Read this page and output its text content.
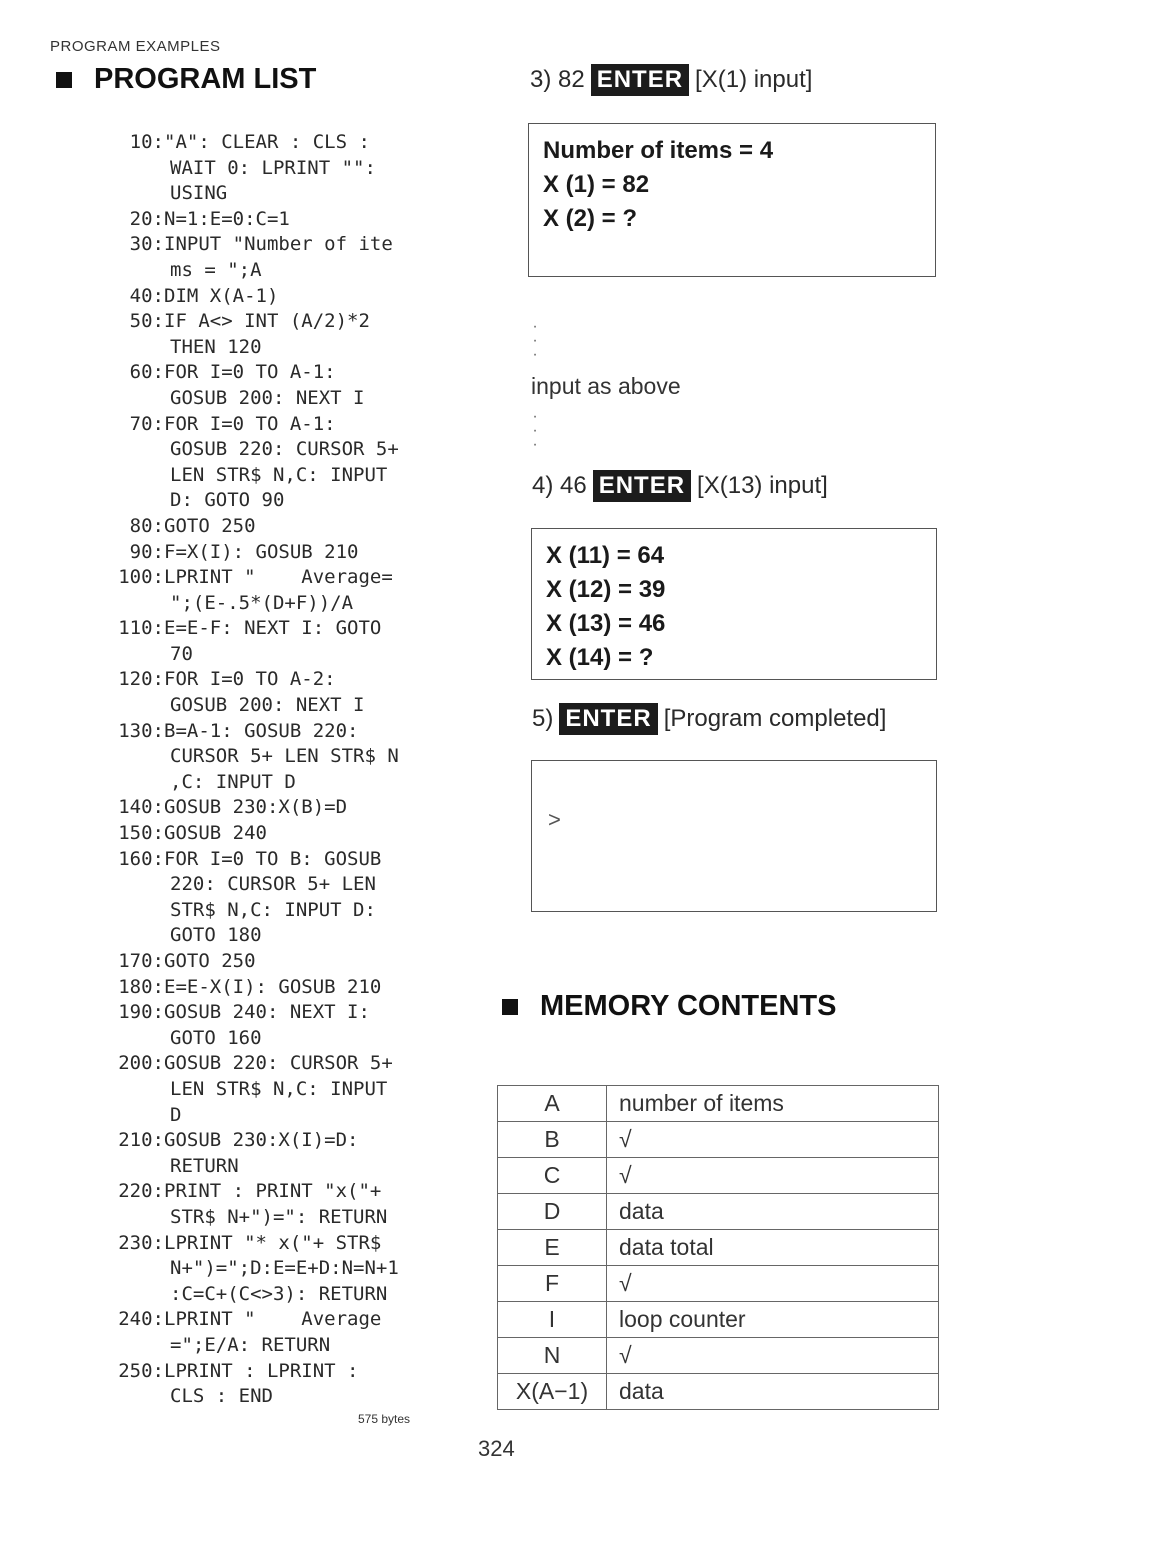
PROGRAM EXAMPLES
PROGRAM LIST
10: "A": CLEAR : CLS :
WAIT 0: LPRINT "":
USING
20: N=1:E=0:C=1
30: INPUT "Number of ite
ms = ";A
40: DIM X(A-1)
50: IF A<> INT (A/2)*2
THEN 120
60: FOR I=0 TO A-1:
GOSUB 200: NEXT I
70: FOR I=0 TO A-1:
GOSUB 220: CURSOR 5+
LEN STR$ N,C: INPUT
D: GOTO 90
80: GOTO 250
90: F=X(I): GOSUB 210
100: LPRINT "    Average=
";(E-.5*(D+F))/A
110: E=E-F: NEXT I: GOTO
70
120: FOR I=0 TO A-2:
GOSUB 200: NEXT I
130: B=A-1: GOSUB 220:
CURSOR 5+ LEN STR$ N
,C: INPUT D
140: GOSUB 230:X(B)=D
150: GOSUB 240
160: FOR I=0 TO B: GOSUB
220: CURSOR 5+ LEN
STR$ N,C: INPUT D:
GOTO 180
170: GOTO 250
180: E=E-X(I): GOSUB 210
190: GOSUB 240: NEXT I:
GOTO 160
200: GOSUB 220: CURSOR 5+
LEN STR$ N,C: INPUT
D
210: GOSUB 230:X(I)=D:
RETURN
220: PRINT : PRINT "x("+
STR$ N+")=": RETURN
230: LPRINT "* x("+ STR$
N+")=";D:E=E+D:N=N+1
:C=C+(C<>3): RETURN
240: LPRINT "    Average
=";E/A: RETURN
250: LPRINT : LPRINT :
CLS : END
575 bytes
3) 82 ENTER [X(1) input]
Number of items = 4
X (1) = 82
X (2) = ?
·
·
·
input as above
·
·
·
4) 46 ENTER [X(13) input]
X (11) = 64
X (12) = 39
X (13) = 46
X (14) = ?
5) ENTER [Program completed]
>
MEMORY CONTENTS
A	number of items
B	√
C	√
D	data
E	data total
F	√
I	loop counter
N	√
X(A−1)	data
324
